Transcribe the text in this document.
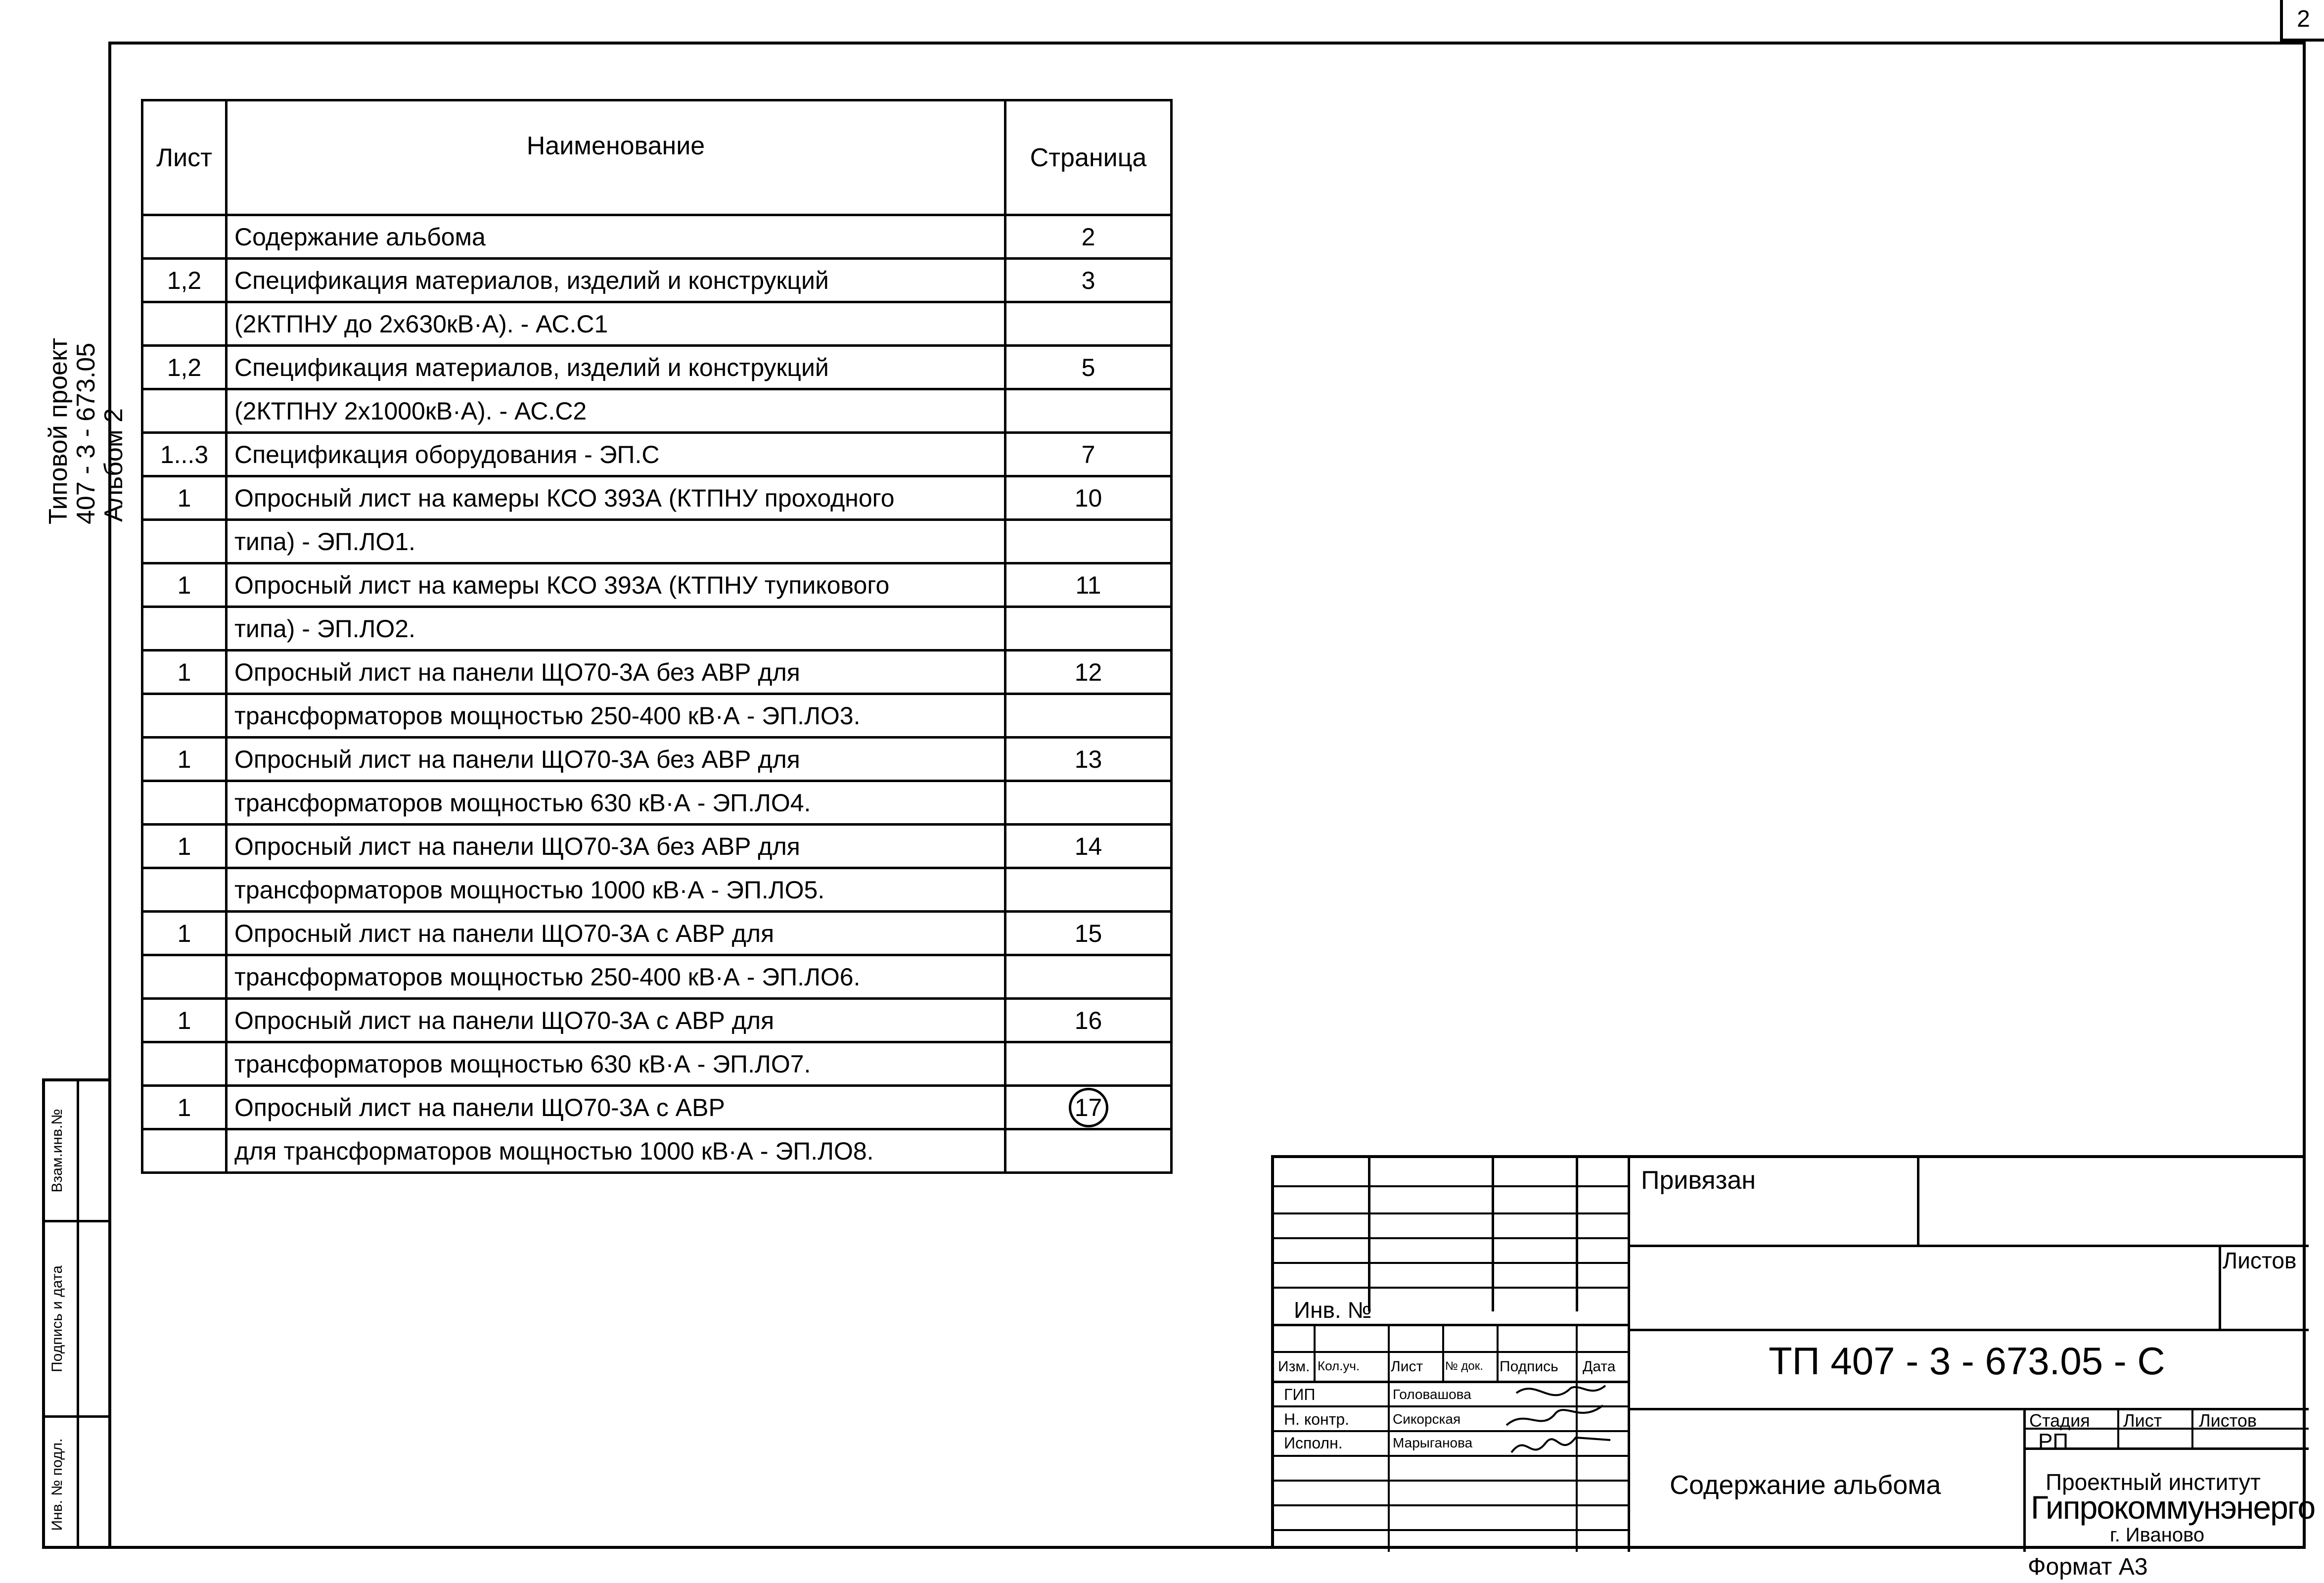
2
Типовой проект
407 - 3 - 673.05
Альбом 2
Взам.инв.№
Подпись и дата
Инв. № подл.
Лист	Наименование	Страница
	Содержание альбома	2
1,2	Спецификация материалов, изделий и конструкций	3
	(2КТПНУ до 2х630кВ·А). - АС.С1	
1,2	Спецификация материалов, изделий и конструкций	5
	(2КТПНУ 2х1000кВ·А). - АС.С2	
1...3	Спецификация оборудования - ЭП.С	7
1	Опросный лист на камеры КСО 393А (КТПНУ проходного	10
	типа) - ЭП.ЛО1.	
1	Опросный лист на камеры КСО 393А (КТПНУ тупикового	11
	типа) - ЭП.ЛО2.	
1	Опросный лист на панели ЩО70-3А без АВР для	12
	трансформаторов мощностью 250-400 кВ·А - ЭП.ЛО3.	
1	Опросный лист на панели ЩО70-3А без АВР для	13
	трансформаторов мощностью 630 кВ·А - ЭП.ЛО4.	
1	Опросный лист на панели ЩО70-3А без АВР для	14
	трансформаторов мощностью 1000 кВ·А - ЭП.ЛО5.	
1	Опросный лист на панели ЩО70-3А с АВР для	15
	трансформаторов мощностью 250-400 кВ·А - ЭП.ЛО6.	
1	Опросный лист на панели ЩО70-3А с АВР для	16
	трансформаторов мощностью 630 кВ·А - ЭП.ЛО7.	
1	Опросный лист на панели ЩО70-3А с АВР	17
	для трансформаторов мощностью 1000 кВ·А - ЭП.ЛО8.	
Инв. №
Изм. Кол.уч. Лист № док. Подпись Дата
ГИП	Головашова
Н. контр.	Сикорская
Исполн.	Марыганова
Привязан
Листов
ТП 407 - 3 - 673.05 - С
Содержание альбома
Стадия Лист Листов
РП
Проектный институт
Гипрокоммунэнерго
г. Иваново
Формат А3
